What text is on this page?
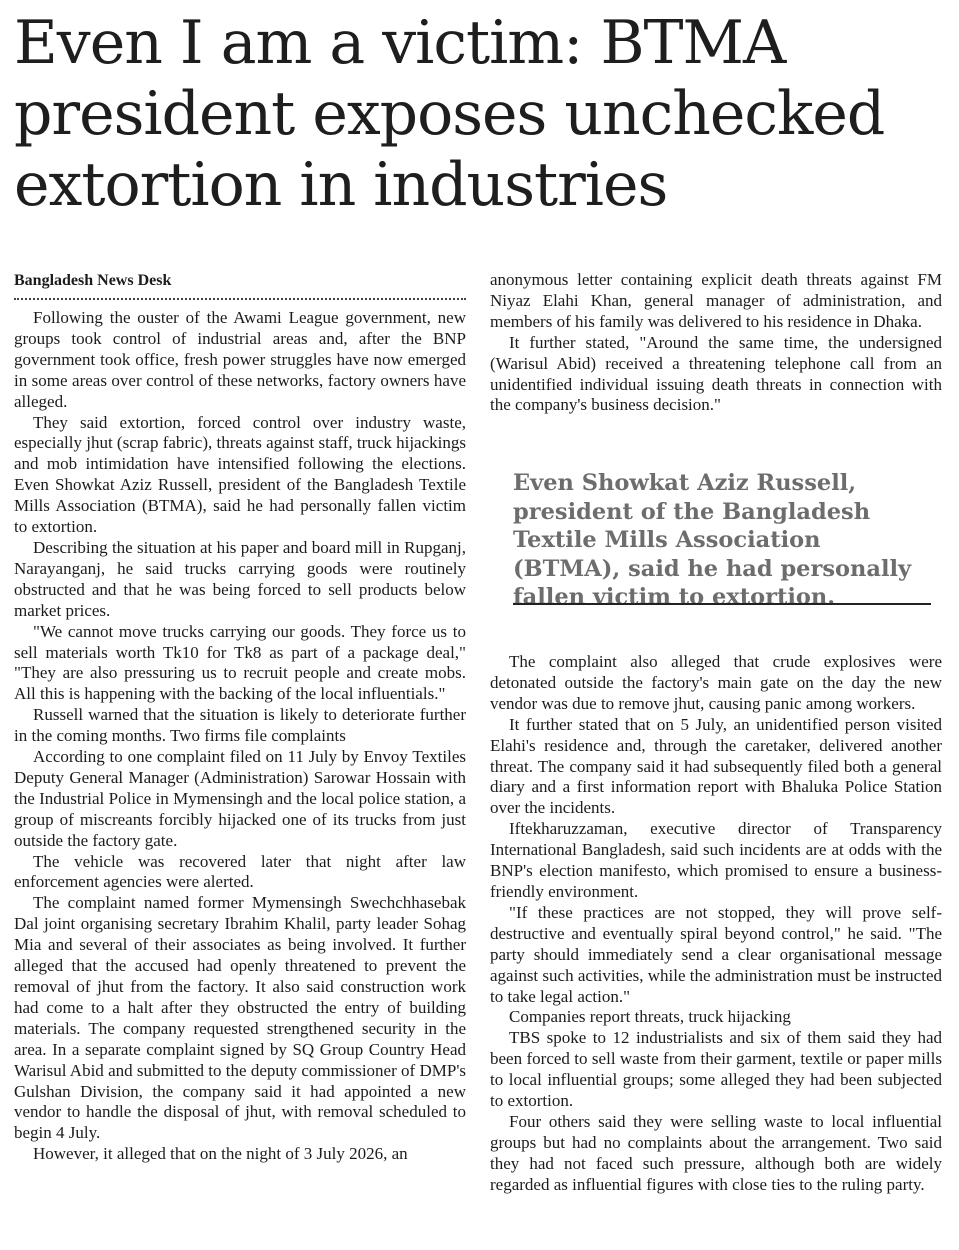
Even I am a victim: BTMA president exposes unchecked extortion in industries
Bangladesh News Desk

Following the ouster of the Awami League government, new groups took control of industrial areas and, after the BNP government took office, fresh power struggles have now emerged in some areas over control of these networks, factory owners have alleged.

They said extortion, forced control over industry waste, especially jhut (scrap fabric), threats against staff, truck hijackings and mob intimidation have intensified following the elections. Even Showkat Aziz Russell, president of the Bangladesh Textile Mills Association (BTMA), said he had personally fallen victim to extortion.

Describing the situation at his paper and board mill in Rupganj, Narayanganj, he said trucks carrying goods were routinely obstructed and that he was being forced to sell products below market prices.

"We cannot move trucks carrying our goods. They force us to sell materials worth Tk10 for Tk8 as part of a package deal," "They are also pressuring us to recruit people and create mobs. All this is happening with the backing of the local influentials."

Russell warned that the situation is likely to deteriorate further in the coming months. Two firms file complaints

According to one complaint filed on 11 July by Envoy Textiles Deputy General Manager (Administration) Sarowar Hossain with the Industrial Police in Mymensingh and the local police station, a group of miscreants forcibly hijacked one of its trucks from just outside the factory gate.

The vehicle was recovered later that night after law enforcement agencies were alerted.

The complaint named former Mymensingh Swechchhasebak Dal joint organising secretary Ibrahim Khalil, party leader Sohag Mia and several of their associates as being involved. It further alleged that the accused had openly threatened to prevent the removal of jhut from the factory. It also said construction work had come to a halt after they obstructed the entry of building materials. The company requested strengthened security in the area. In a separate complaint signed by SQ Group Country Head Warisul Abid and submitted to the deputy commissioner of DMP's Gulshan Division, the company said it had appointed a new vendor to handle the disposal of jhut, with removal scheduled to begin 4 July.

However, it alleged that on the night of 3 July 2026, an

anonymous letter containing explicit death threats against FM Niyaz Elahi Khan, general manager of administration, and members of his family was delivered to his residence in Dhaka.

It further stated, "Around the same time, the undersigned (Warisul Abid) received a threatening telephone call from an unidentified individual issuing death threats in connection with the company's business decision."

Even Showkat Aziz Russell, president of the Bangladesh Textile Mills Association (BTMA), said he had personally fallen victim to extortion.

The complaint also alleged that crude explosives were detonated outside the factory's main gate on the day the new vendor was due to remove jhut, causing panic among workers.

It further stated that on 5 July, an unidentified person visited Elahi's residence and, through the caretaker, delivered another threat. The company said it had subsequently filed both a general diary and a first information report with Bhaluka Police Station over the incidents.

Iftekharuzzaman, executive director of Transparency International Bangladesh, said such incidents are at odds with the BNP's election manifesto, which promised to ensure a business-friendly environment.

"If these practices are not stopped, they will prove self-destructive and eventually spiral beyond control," he said. "The party should immediately send a clear organisational message against such activities, while the administration must be instructed to take legal action."

Companies report threats, truck hijacking

TBS spoke to 12 industrialists and six of them said they had been forced to sell waste from their garment, textile or paper mills to local influential groups; some alleged they had been subjected to extortion.

Four others said they were selling waste to local influential groups but had no complaints about the arrangement. Two said they had not faced such pressure, although both are widely regarded as influential figures with close ties to the ruling party.
